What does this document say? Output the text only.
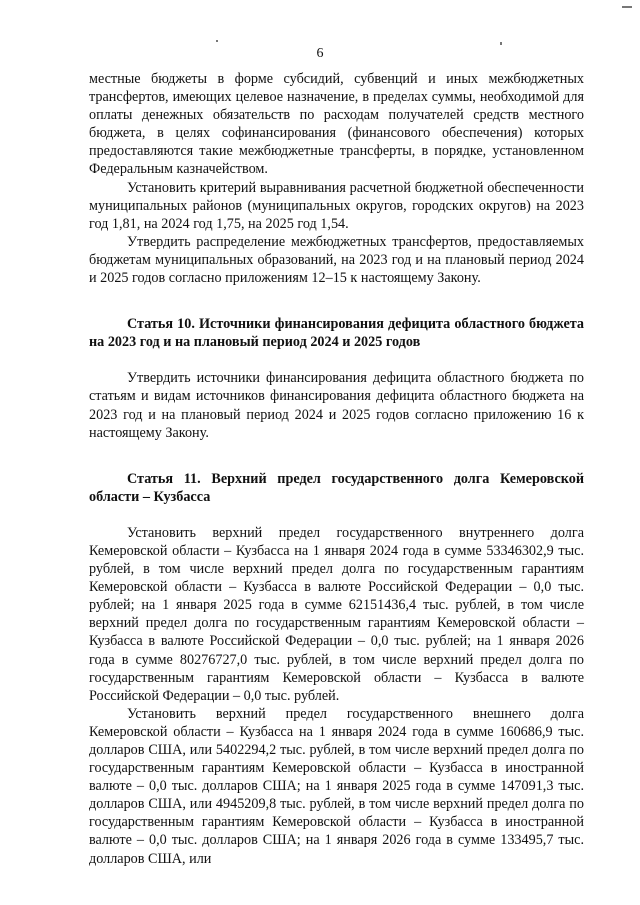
6

местные бюджеты в форме субсидий, субвенций и иных межбюджетных трансфертов, имеющих целевое назначение, в пределах суммы, необходимой для оплаты денежных обязательств по расходам получателей средств местного бюджета, в целях софинансирования (финансового обеспечения) которых предоставляются такие межбюджетные трансферты, в порядке, установленном Федеральным казначейством.

Установить критерий выравнивания расчетной бюджетной обеспеченности муниципальных районов (муниципальных округов, городских округов) на 2023 год 1,81, на 2024 год 1,75, на 2025 год 1,54.

Утвердить распределение межбюджетных трансфертов, предоставляемых бюджетам муниципальных образований, на 2023 год и на плановый период 2024 и 2025 годов согласно приложениям 12–15 к настоящему Закону.

Статья 10. Источники финансирования дефицита областного бюджета на 2023 год и на плановый период 2024 и 2025 годов

Утвердить источники финансирования дефицита областного бюджета по статьям и видам источников финансирования дефицита областного бюджета на 2023 год и на плановый период 2024 и 2025 годов согласно приложению 16 к настоящему Закону.

Статья 11. Верхний предел государственного долга Кемеровской области – Кузбасса

Установить верхний предел государственного внутреннего долга Кемеровской области – Кузбасса на 1 января 2024 года в сумме 53346302,9 тыс. рублей, в том числе верхний предел долга по государственным гарантиям Кемеровской области – Кузбасса в валюте Российской Федерации – 0,0 тыс. рублей; на 1 января 2025 года в сумме 62151436,4 тыс. рублей, в том числе верхний предел долга по государственным гарантиям Кемеровской области – Кузбасса в валюте Российской Федерации – 0,0 тыс. рублей; на 1 января 2026 года в сумме 80276727,0 тыс. рублей, в том числе верхний предел долга по государственным гарантиям Кемеровской области – Кузбасса в валюте Российской Федерации – 0,0 тыс. рублей.

Установить верхний предел государственного внешнего долга Кемеровской области – Кузбасса на 1 января 2024 года в сумме 160686,9 тыс. долларов США, или 5402294,2 тыс. рублей, в том числе верхний предел долга по государственным гарантиям Кемеровской области – Кузбасса в иностранной валюте – 0,0 тыс. долларов США; на 1 января 2025 года в сумме 147091,3 тыс. долларов США, или 4945209,8 тыс. рублей, в том числе верхний предел долга по государственным гарантиям Кемеровской области – Кузбасса в иностранной валюте – 0,0 тыс. долларов США; на 1 января 2026 года в сумме 133495,7 тыс. долларов США, или
